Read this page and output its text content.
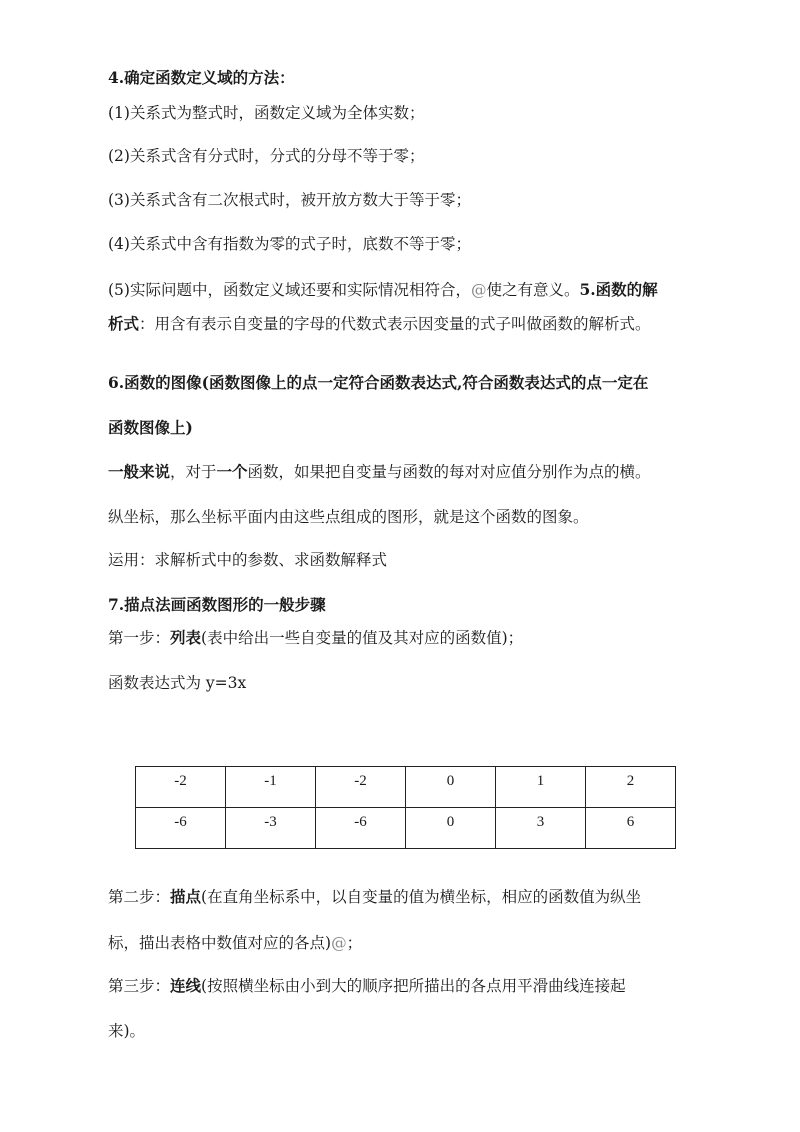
4.确定函数定义域的方法：
(1)关系式为整式时，函数定义域为全体实数；
(2)关系式含有分式时，分式的分母不等于零；
(3)关系式含有二次根式时，被开放方数大于等于零；
(4)关系式中含有指数为零的式子时，底数不等于零；
(5)实际问题中，函数定义域还要和实际情况相符合，@使之有意义。5.函数的解
析式：用含有表示自变量的字母的代数式表示因变量的式子叫做函数的解析式。
6.函数的图像(函数图像上的点一定符合函数表达式,符合函数表达式的点一定在
函数图像上)
一般来说，对于一个函数，如果把自变量与函数的每对对应值分别作为点的横。
纵坐标，那么坐标平面内由这些点组成的图形，就是这个函数的图象。
运用：求解析式中的参数、求函数解释式
7.描点法画函数图形的一般步骤
第一步：列表(表中给出一些自变量的值及其对应的函数值)；
函数表达式为 y=3x
-2	-1	-2	0	1	2
-6	-3	-6	0	3	6
第二步：描点(在直角坐标系中，以自变量的值为横坐标，相应的函数值为纵坐
标，描出表格中数值对应的各点)@；
第三步：连线(按照横坐标由小到大的顺序把所描出的各点用平滑曲线连接起
来)。
